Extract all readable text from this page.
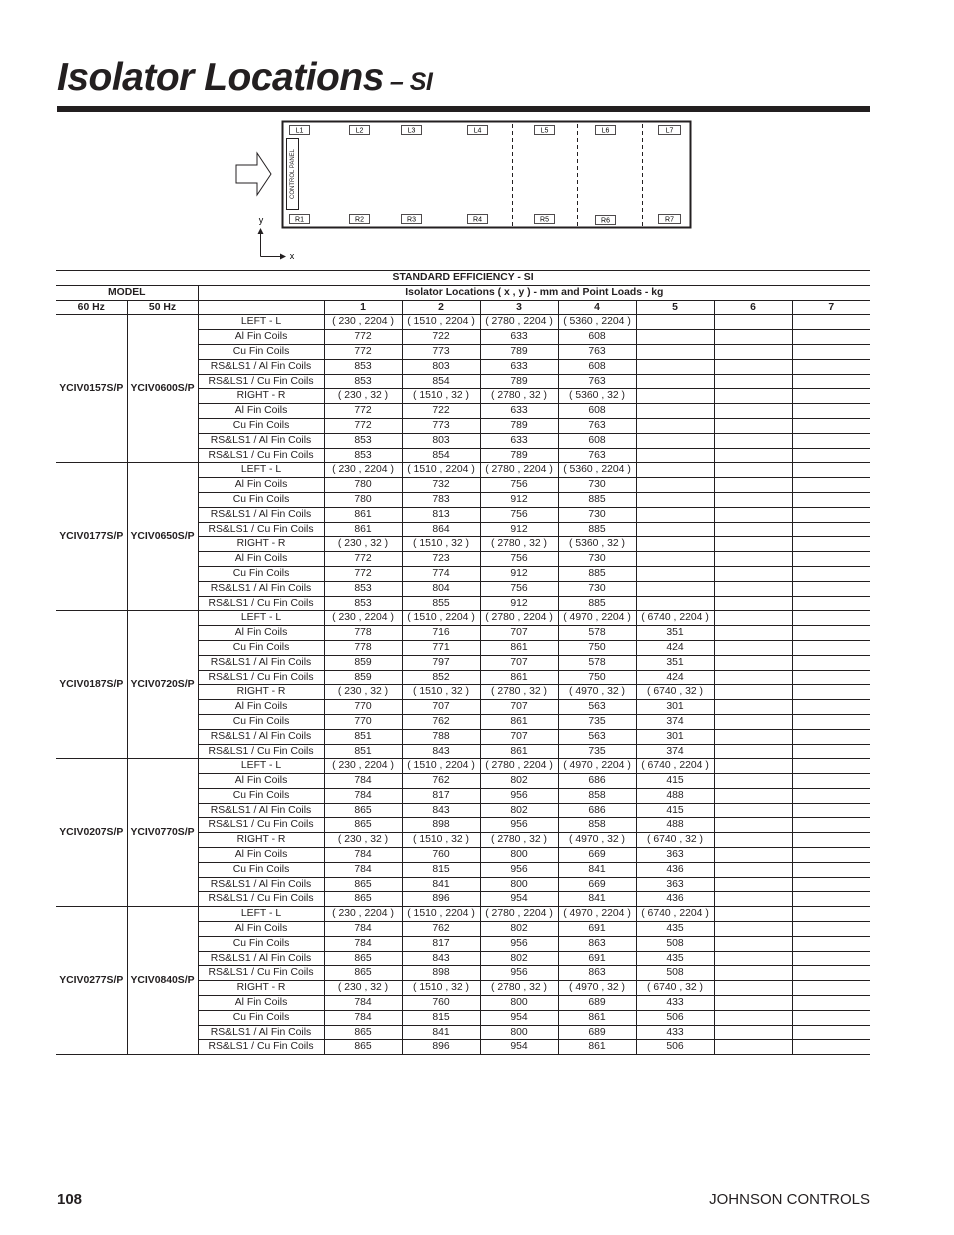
Isolator Locations – SI
CONTROL PANEL
L1	L2	L3	L4	L5	L6	L7
R1	R2	R3	R4	R5	R6	R7
y
x
STANDARD EFFICIENCY - SI									
MODEL		Isolator Locations ( x , y ) - mm and Point Loads - kg							
60 Hz	50 Hz		1	2	3	4	5	6	7
YCIV0157S/P	YCIV0600S/P	LEFT - L	( 230 , 2204 )	( 1510 , 2204 )	( 2780 , 2204 )	( 5360 , 2204 )			
		Al Fin Coils	772	722	633	608			
		Cu Fin Coils	772	773	789	763			
		RS&LS1 / Al Fin Coils	853	803	633	608			
		RS&LS1 / Cu Fin Coils	853	854	789	763			
		RIGHT - R	( 230 , 32 )	( 1510 , 32 )	( 2780 , 32 )	( 5360 , 32 )			
		Al Fin Coils	772	722	633	608			
		Cu Fin Coils	772	773	789	763			
		RS&LS1 / Al Fin Coils	853	803	633	608			
		RS&LS1 / Cu Fin Coils	853	854	789	763			
YCIV0177S/P	YCIV0650S/P	LEFT - L	( 230 , 2204 )	( 1510 , 2204 )	( 2780 , 2204 )	( 5360 , 2204 )			
		Al Fin Coils	780	732	756	730			
		Cu Fin Coils	780	783	912	885			
		RS&LS1 / Al Fin Coils	861	813	756	730			
		RS&LS1 / Cu Fin Coils	861	864	912	885			
		RIGHT - R	( 230 , 32 )	( 1510 , 32 )	( 2780 , 32 )	( 5360 , 32 )			
		Al Fin Coils	772	723	756	730			
		Cu Fin Coils	772	774	912	885			
		RS&LS1 / Al Fin Coils	853	804	756	730			
		RS&LS1 / Cu Fin Coils	853	855	912	885			
YCIV0187S/P	YCIV0720S/P	LEFT - L	( 230 , 2204 )	( 1510 , 2204 )	( 2780 , 2204 )	( 4970 , 2204 )	( 6740 , 2204 )		
		Al Fin Coils	778	716	707	578	351		
		Cu Fin Coils	778	771	861	750	424		
		RS&LS1 / Al Fin Coils	859	797	707	578	351		
		RS&LS1 / Cu Fin Coils	859	852	861	750	424		
		RIGHT - R	( 230 , 32 )	( 1510 , 32 )	( 2780 , 32 )	( 4970 , 32 )	( 6740 , 32 )		
		Al Fin Coils	770	707	707	563	301		
		Cu Fin Coils	770	762	861	735	374		
		RS&LS1 / Al Fin Coils	851	788	707	563	301		
		RS&LS1 / Cu Fin Coils	851	843	861	735	374		
YCIV0207S/P	YCIV0770S/P	LEFT - L	( 230 , 2204 )	( 1510 , 2204 )	( 2780 , 2204 )	( 4970 , 2204 )	( 6740 , 2204 )		
		Al Fin Coils	784	762	802	686	415		
		Cu Fin Coils	784	817	956	858	488		
		RS&LS1 / Al Fin Coils	865	843	802	686	415		
		RS&LS1 / Cu Fin Coils	865	898	956	858	488		
		RIGHT - R	( 230 , 32 )	( 1510 , 32 )	( 2780 , 32 )	( 4970 , 32 )	( 6740 , 32 )		
		Al Fin Coils	784	760	800	669	363		
		Cu Fin Coils	784	815	956	841	436		
		RS&LS1 / Al Fin Coils	865	841	800	669	363		
		RS&LS1 / Cu Fin Coils	865	896	954	841	436		
YCIV0277S/P	YCIV0840S/P	LEFT - L	( 230 , 2204 )	( 1510 , 2204 )	( 2780 , 2204 )	( 4970 , 2204 )	( 6740 , 2204 )		
		Al Fin Coils	784	762	802	691	435		
		Cu Fin Coils	784	817	956	863	508		
		RS&LS1 / Al Fin Coils	865	843	802	691	435		
		RS&LS1 / Cu Fin Coils	865	898	956	863	508		
		RIGHT - R	( 230 , 32 )	( 1510 , 32 )	( 2780 , 32 )	( 4970 , 32 )	( 6740 , 32 )		
		Al Fin Coils	784	760	800	689	433		
		Cu Fin Coils	784	815	954	861	506		
		RS&LS1 / Al Fin Coils	865	841	800	689	433		
		RS&LS1 / Cu Fin Coils	865	896	954	861	506		
108	JOHNSON CONTROLS
